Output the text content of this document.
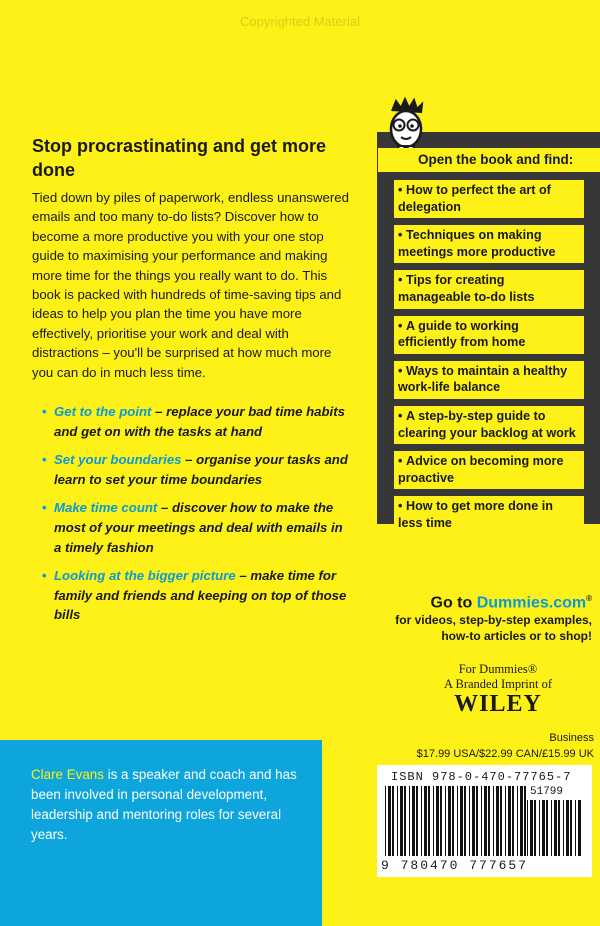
Copyrighted Material
Stop procrastinating and get more done
Tied down by piles of paperwork, endless unanswered emails and too many to-do lists? Discover how to become a more productive you with your one stop guide to maximising your performance and making more time for the things you really want to do. This book is packed with hundreds of time-saving tips and ideas to help you plan the time you have more effectively, prioritise your work and deal with distractions – you'll be surprised at how much more you can do in much less time.
• Get to the point – replace your bad time habits and get on with the tasks at hand
• Set your boundaries – organise your tasks and learn to set your time boundaries
• Make time count – discover how to make the most of your meetings and deal with emails in a timely fashion
• Looking at the bigger picture – make time for family and friends and keeping on top of those bills
Open the book and find:
• How to perfect the art of delegation
• Techniques on making meetings more productive
• Tips for creating manageable to-do lists
• A guide to working efficiently from home
• Ways to maintain a healthy work-life balance
• A step-by-step guide to clearing your backlog at work
• Advice on becoming more proactive
• How to get more done in less time
Go to Dummies.com®
for videos, step-by-step examples,
how-to articles or to shop!
For Dummies®
A Branded Imprint of
WILEY
Business
$17.99 USA/$22.99 CAN/£15.99 UK
ISBN 978-0-470-77765-7
51799
9 780470 777657
Clare Evans is a speaker and coach and has been involved in personal development, leadership and mentoring roles for several years.
